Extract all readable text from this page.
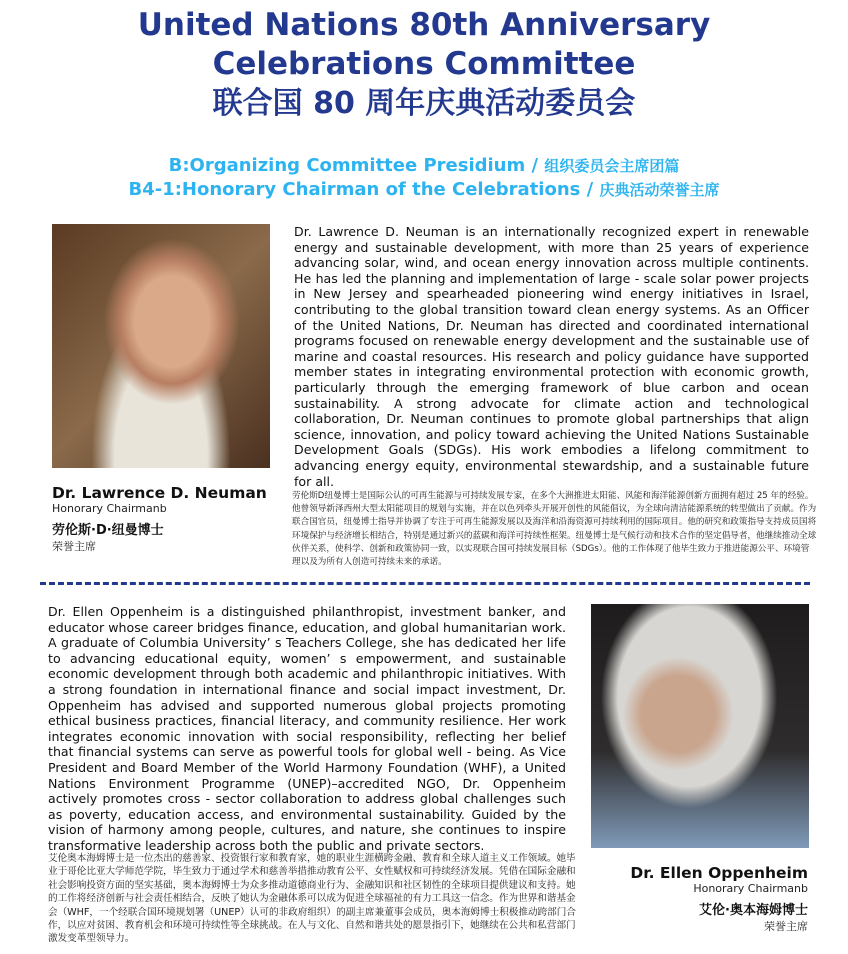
United Nations 80th Anniversary
Celebrations Committee
联合国 80 周年庆典活动委员会
B:Organizing Committee Presidium / 组织委员会主席团篇
B4-1:Honorary Chairman of the Celebrations / 庆典活动荣誉主席
Dr. Lawrence D. Neuman is an internationally recognized expert in renewable energy and sustainable development, with more than 25 years of experience advancing solar, wind, and ocean energy innovation across multiple continents. He has led the planning and implementation of large - scale solar power projects in New Jersey and spearheaded pioneering wind energy initiatives in Israel, contributing to the global transition toward clean energy systems. As an Officer of the United Nations, Dr. Neuman has directed and coordinated international programs focused on renewable energy development and the sustainable use of marine and coastal resources. His research and policy guidance have supported member states in integrating environmental protection with economic growth, particularly through the emerging framework of blue carbon and ocean sustainability. A strong advocate for climate action and technological collaboration, Dr. Neuman continues to promote global partnerships that align science, innovation, and policy toward achieving the United Nations Sustainable Development Goals (SDGs). His work embodies a lifelong commitment to advancing energy equity, environmental stewardship, and a sustainable future for all.
Dr. Lawrence D. Neuman
Honorary Chairmanb
劳伦斯·D·纽曼博士
荣誉主席
劳伦斯D纽曼博士是国际公认的可再生能源与可持续发展专家，在多个大洲推进太阳能、风能和海洋能源创新方面拥有超过 25 年的经验。他曾领导新泽西州大型太阳能项目的规划与实施，并在以色列牵头开展开创性的风能倡议，为全球向清洁能源系统的转型做出了贡献。作为联合国官员，纽曼博士指导并协调了专注于可再生能源发展以及海洋和沿海资源可持续利用的国际项目。他的研究和政策指导支持成员国将环境保护与经济增长相结合，特别是通过新兴的蓝碳和海洋可持续性框架。纽曼博士是气候行动和技术合作的坚定倡导者，他继续推动全球伙伴关系，使科学、创新和政策协同一致，以实现联合国可持续发展目标（SDGs）。他的工作体现了他毕生致力于推进能源公平、环境管理以及为所有人创造可持续未来的承诺。
Dr. Ellen Oppenheim is a distinguished philanthropist, investment banker, and educator whose career bridges finance, education, and global humanitarian work. A graduate of Columbia University’ s Teachers College, she has dedicated her life to advancing educational equity, women’ s empowerment, and sustainable economic development through both academic and philanthropic initiatives. With a strong foundation in international finance and social impact investment, Dr. Oppenheim has advised and supported numerous global projects promoting ethical business practices, financial literacy, and community resilience. Her work integrates economic innovation with social responsibility, reflecting her belief that financial systems can serve as powerful tools for global well - being. As Vice President and Board Member of the World Harmony Foundation (WHF), a United Nations Environment Programme (UNEP)–accredited NGO, Dr. Oppenheim actively promotes cross - sector collaboration to address global challenges such as poverty, education access, and environmental sustainability. Guided by the vision of harmony among people, cultures, and nature, she continues to inspire transformative leadership across both the public and private sectors.
艾伦奥本海姆博士是一位杰出的慈善家、投资银行家和教育家，她的职业生涯横跨金融、教育和全球人道主义工作领域。她毕业于哥伦比亚大学师范学院，毕生致力于通过学术和慈善举措推动教育公平、女性赋权和可持续经济发展。凭借在国际金融和社会影响投资方面的坚实基础，奥本海姆博士为众多推动道德商业行为、金融知识和社区韧性的全球项目提供建议和支持。她的工作将经济创新与社会责任相结合，反映了她认为金融体系可以成为促进全球福祉的有力工具这一信念。作为世界和谐基金会（WHF，一个经联合国环境规划署（UNEP）认可的非政府组织）的副主席兼董事会成员，奥本海姆博士积极推动跨部门合作，以应对贫困、教育机会和环境可持续性等全球挑战。在人与文化、自然和谐共处的愿景指引下，她继续在公共和私营部门激发变革型领导力。
Dr. Ellen Oppenheim
Honorary Chairmanb
艾伦·奥本海姆博士
荣誉主席
